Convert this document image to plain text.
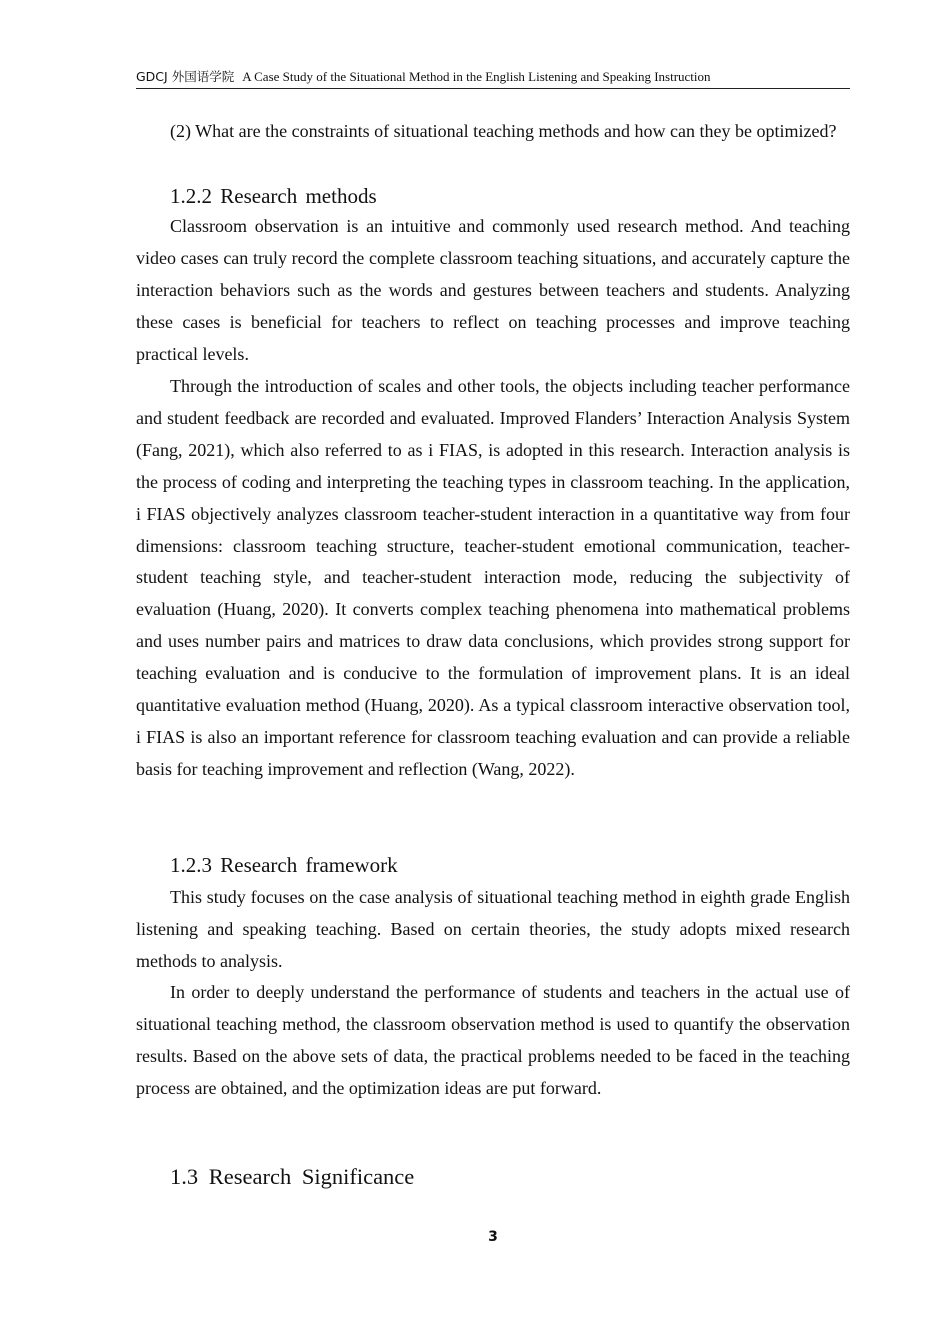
GDCJ 外国语学院 A Case Study of the Situational Method in the English Listening and Speaking Instruction

(2) What are the constraints of situational teaching methods and how can they be optimized?

1.2.2 Research methods

Classroom observation is an intuitive and commonly used research method. And teaching video cases can truly record the complete classroom teaching situations, and accurately capture the interaction behaviors such as the words and gestures between teachers and students. Analyzing these cases is beneficial for teachers to reflect on teaching processes and improve teaching practical levels.

Through the introduction of scales and other tools, the objects including teacher performance and student feedback are recorded and evaluated. Improved Flanders’ Interaction Analysis System (Fang, 2021), which also referred to as i FIAS, is adopted in this research. Interaction analysis is the process of coding and interpreting the teaching types in classroom teaching. In the application, i FIAS objectively analyzes classroom teacher-student interaction in a quantitative way from four dimensions: classroom teaching structure, teacher-student emotional communication, teacher-student teaching style, and teacher-student interaction mode, reducing the subjectivity of evaluation (Huang, 2020). It converts complex teaching phenomena into mathematical problems and uses number pairs and matrices to draw data conclusions, which provides strong support for teaching evaluation and is conducive to the formulation of improvement plans. It is an ideal quantitative evaluation method (Huang, 2020). As a typical classroom interactive observation tool, i FIAS is also an important reference for classroom teaching evaluation and can provide a reliable basis for teaching improvement and reflection (Wang, 2022).

1.2.3 Research framework

This study focuses on the case analysis of situational teaching method in eighth grade English listening and speaking teaching. Based on certain theories, the study adopts mixed research methods to analysis.

In order to deeply understand the performance of students and teachers in the actual use of situational teaching method, the classroom observation method is used to quantify the observation results. Based on the above sets of data, the practical problems needed to be faced in the teaching process are obtained, and the optimization ideas are put forward.

1.3 Research Significance
3
